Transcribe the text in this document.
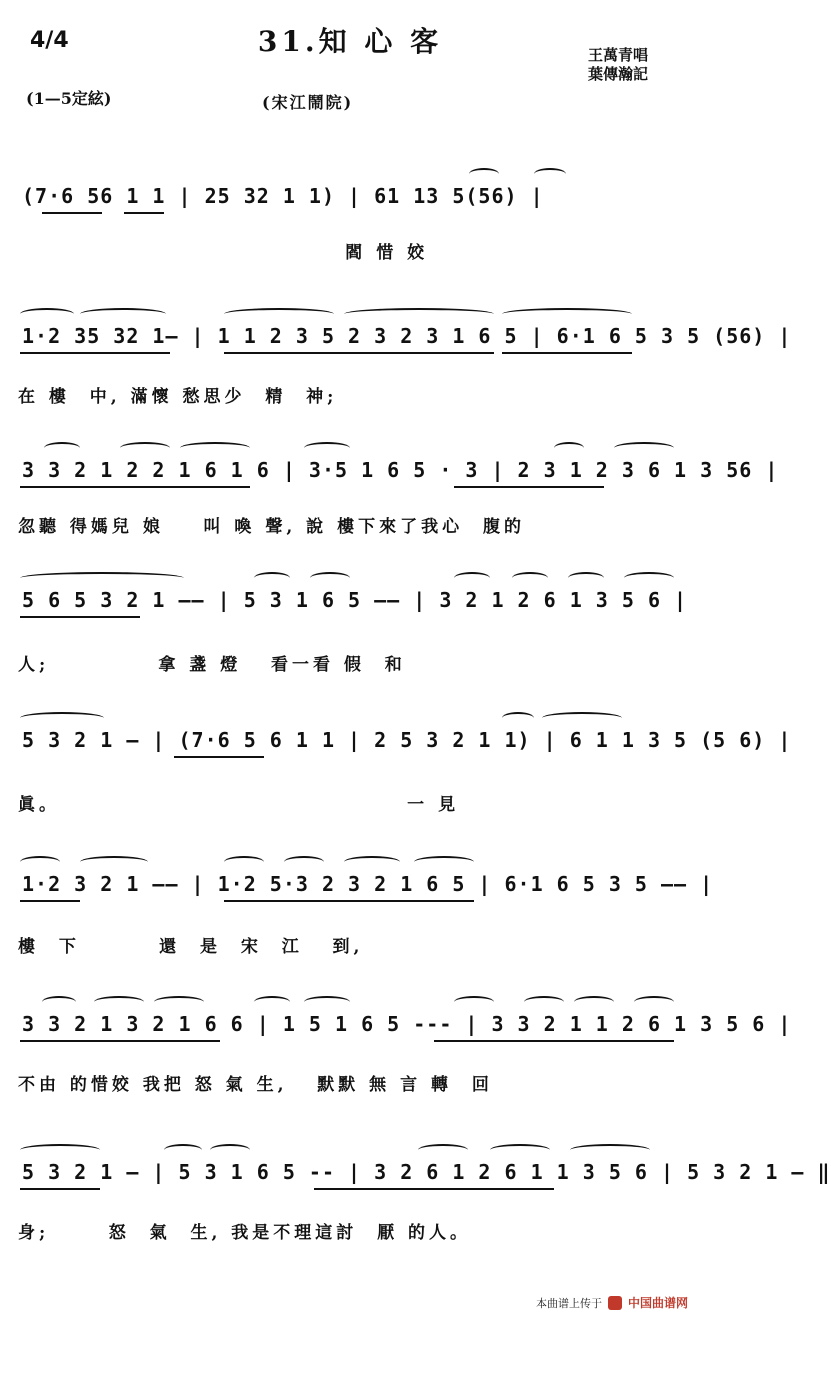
4/4	31.知 心 客	王萬青唱
葉傳瀚記
(1—5定絃)	(宋江鬧院)

(7·6 56 1 1 | 25 32 1 1) | 61 13 5(56) |

閻 惜 姣

1·2 35 32 1— | 1 1 2 3 5 2 3 2 3 1 6 5 | 6·1 6 5 3 5 (56) |

在 樓  中, 滿懷 愁思少  精  神;

3 3 2 1 2 2 1 6 1 6 | 3·5 1 6 5 · 3 | 2 3 1 2 3 6 1 3 56 |

忽聽 得媽兒 娘    叫 喚 聲, 說 樓下來了我心  腹的

5 6 5 3 2 1 —— | 5 3 1 6 5 —— | 3 2 1 2 6 1 3 5 6 |

人;           拿 盞 燈   看一看 假  和

5 3 2 1 — | (7·6 5 6 1 1 | 2 5 3 2 1 1) | 6 1 1 3 5 (5 6) |

眞。                                   一 見

1·2 3 2 1 —— | 1·2 5·3 2 3 2 1 6 5 | 6·1 6 5 3 5 —— |

樓  下        還  是  宋  江   到,

3 3 2 1 3 2 1 6 6 | 1 5 1 6 5 --- | 3 3 2 1 1 2 6 1 3 5 6 |

不由 的惜姣 我把 怒 氣 生,   默默 無 言 轉  回

5 3 2 1 — | 5 3 1 6 5 -- | 3 2 6 1 2 6 1 1 3 5 6 | 5 3 2 1 — ‖

身;      怒  氣  生, 我是不理這討  厭 的人。
本曲谱上传于 中国曲谱网
